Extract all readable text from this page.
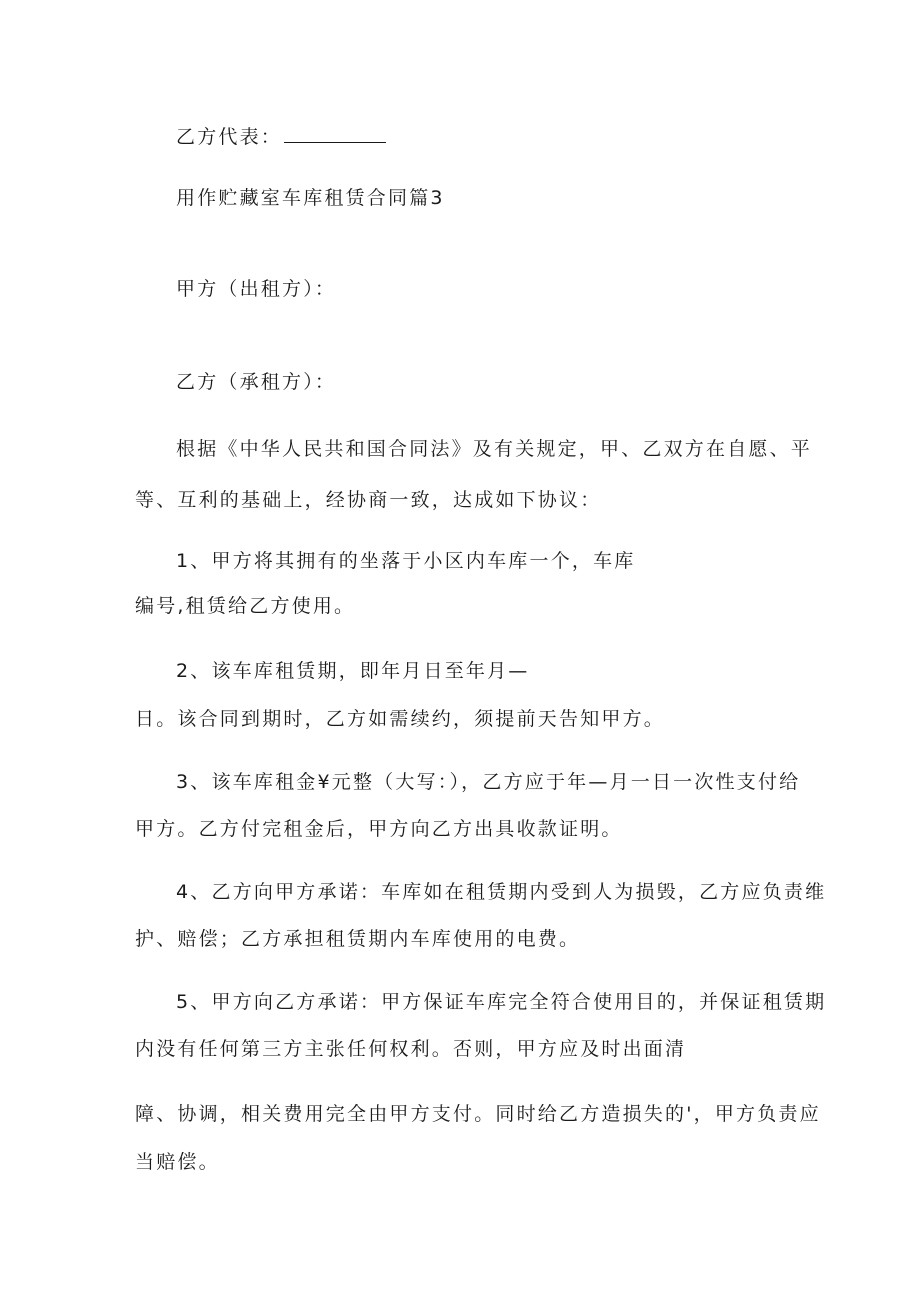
乙方代表：
用作贮藏室车库租赁合同篇3
甲方（出租方）：
乙方（承租方）：
根据《中华人民共和国合同法》及有关规定，甲、乙双方在自愿、平
等、互利的基础上，经协商一致，达成如下协议：
1、甲方将其拥有的坐落于小区内车库一个，车库
编号,租赁给乙方使用。
2、该车库租赁期，即年月日至年月—
日。该合同到期时，乙方如需续约，须提前天告知甲方。
3、该车库租金¥元整（大写：），乙方应于年—月一日一次性支付给
甲方。乙方付完租金后，甲方向乙方出具收款证明。
4、乙方向甲方承诺：车库如在租赁期内受到人为损毁，乙方应负责维
护、赔偿；乙方承担租赁期内车库使用的电费。
5、甲方向乙方承诺：甲方保证车库完全符合使用目的，并保证租赁期
内没有任何第三方主张任何权利。否则，甲方应及时出面清
障、协调，相关费用完全由甲方支付。同时给乙方造损失的'，甲方负责应
当赔偿。
